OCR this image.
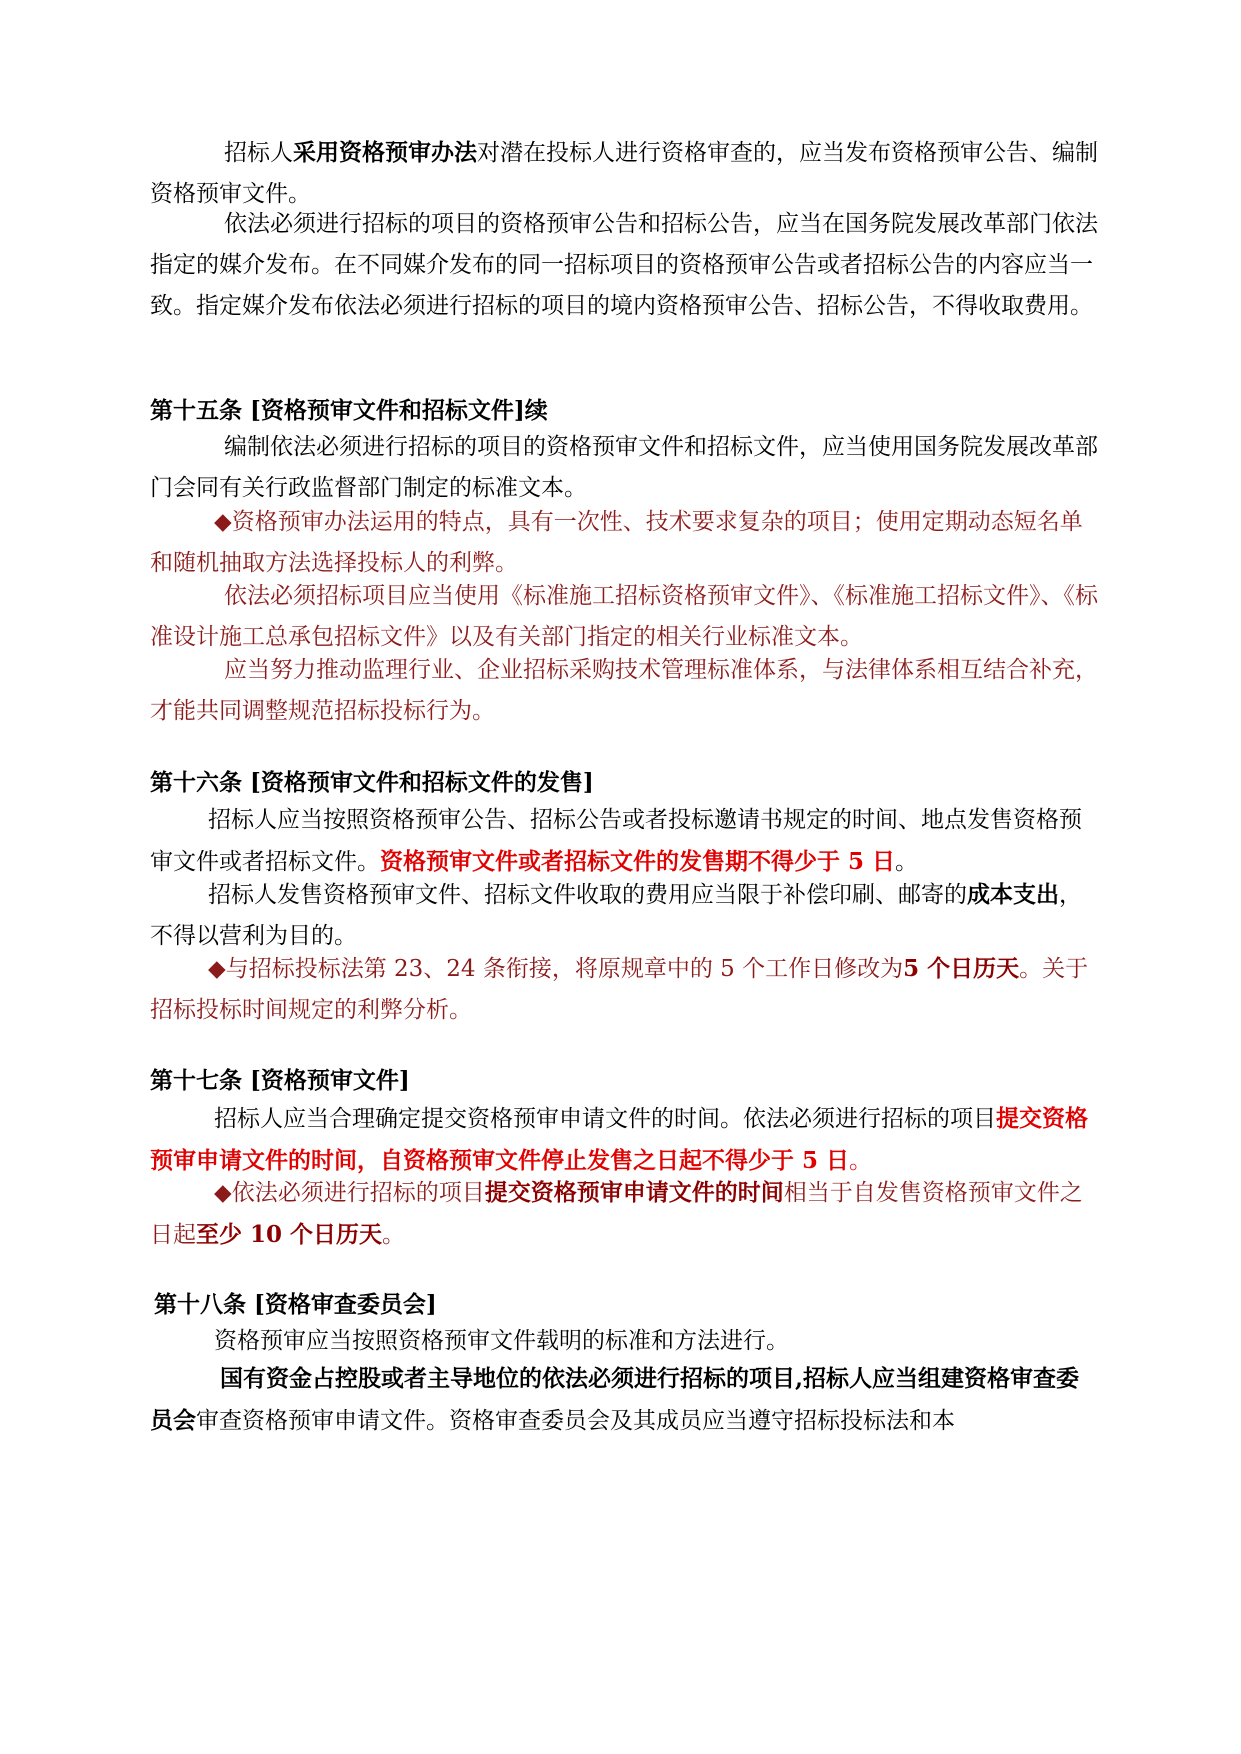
招标人采用资格预审办法对潜在投标人进行资格审查的，应当发布资格预审公告、编制资格预审文件。

依法必须进行招标的项目的资格预审公告和招标公告，应当在国务院发展改革部门依法指定的媒介发布。在不同媒介发布的同一招标项目的资格预审公告或者招标公告的内容应当一致。指定媒介发布依法必须进行招标的项目的境内资格预审公告、招标公告，不得收取费用。

第十五条 [资格预审文件和招标文件]续

编制依法必须进行招标的项目的资格预审文件和招标文件，应当使用国务院发展改革部门会同有关行政监督部门制定的标准文本。

◆资格预审办法运用的特点，具有一次性、技术要求复杂的项目；使用定期动态短名单和随机抽取方法选择投标人的利弊。

依法必须招标项目应当使用《标准施工招标资格预审文件》、《标准施工招标文件》、《标准设计施工总承包招标文件》以及有关部门指定的相关行业标准文本。

应当努力推动监理行业、企业招标采购技术管理标准体系，与法律体系相互结合补充，才能共同调整规范招标投标行为。

第十六条 [资格预审文件和招标文件的发售]

招标人应当按照资格预审公告、招标公告或者投标邀请书规定的时间、地点发售资格预审文件或者招标文件。资格预审文件或者招标文件的发售期不得少于 5 日。

招标人发售资格预审文件、招标文件收取的费用应当限于补偿印刷、邮寄的成本支出，不得以营利为目的。

◆与招标投标法第 23、24 条衔接，将原规章中的 5 个工作日修改为5 个日历天。关于招标投标时间规定的利弊分析。

第十七条 [资格预审文件]

招标人应当合理确定提交资格预审申请文件的时间。依法必须进行招标的项目提交资格预审申请文件的时间，自资格预审文件停止发售之日起不得少于 5 日。

◆依法必须进行招标的项目提交资格预审申请文件的时间相当于自发售资格预审文件之日起至少 10 个日历天。

第十八条 [资格审查委员会]

资格预审应当按照资格预审文件载明的标准和方法进行。

国有资金占控股或者主导地位的依法必须进行招标的项目,招标人应当组建资格审查委员会审查资格预审申请文件。资格审查委员会及其成员应当遵守招标投标法和本
